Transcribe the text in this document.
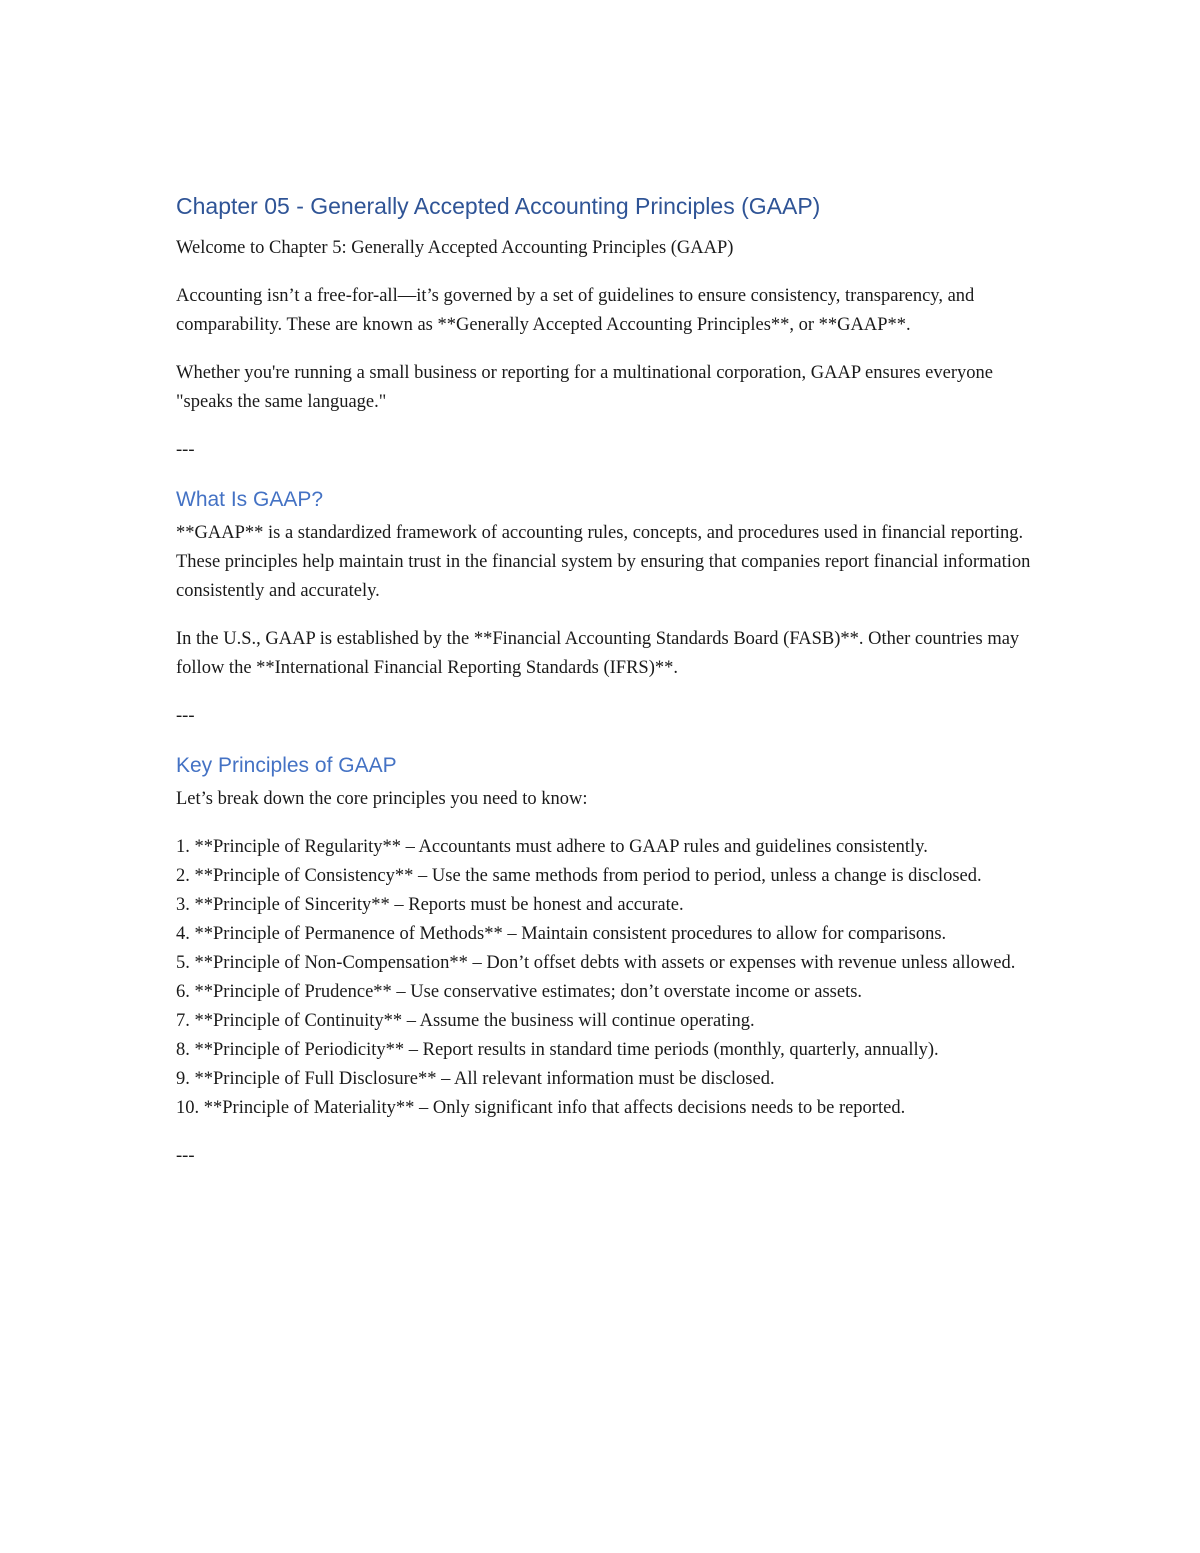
Chapter 05 - Generally Accepted Accounting Principles (GAAP)

Welcome to Chapter 5: Generally Accepted Accounting Principles (GAAP)

Accounting isn’t a free-for-all—it’s governed by a set of guidelines to ensure consistency, transparency, and comparability. These are known as **Generally Accepted Accounting Principles**, or **GAAP**.

Whether you're running a small business or reporting for a multinational corporation, GAAP ensures everyone "speaks the same language."

---

What Is GAAP?

**GAAP** is a standardized framework of accounting rules, concepts, and procedures used in financial reporting. These principles help maintain trust in the financial system by ensuring that companies report financial information consistently and accurately.

In the U.S., GAAP is established by the **Financial Accounting Standards Board (FASB)**. Other countries may follow the **International Financial Reporting Standards (IFRS)**.

---

Key Principles of GAAP

Let’s break down the core principles you need to know:

1. **Principle of Regularity** – Accountants must adhere to GAAP rules and guidelines consistently.
2. **Principle of Consistency** – Use the same methods from period to period, unless a change is disclosed.
3. **Principle of Sincerity** – Reports must be honest and accurate.
4. **Principle of Permanence of Methods** – Maintain consistent procedures to allow for comparisons.
5. **Principle of Non-Compensation** – Don’t offset debts with assets or expenses with revenue unless allowed.
6. **Principle of Prudence** – Use conservative estimates; don’t overstate income or assets.
7. **Principle of Continuity** – Assume the business will continue operating.
8. **Principle of Periodicity** – Report results in standard time periods (monthly, quarterly, annually).
9. **Principle of Full Disclosure** – All relevant information must be disclosed.
10. **Principle of Materiality** – Only significant info that affects decisions needs to be reported.

---
